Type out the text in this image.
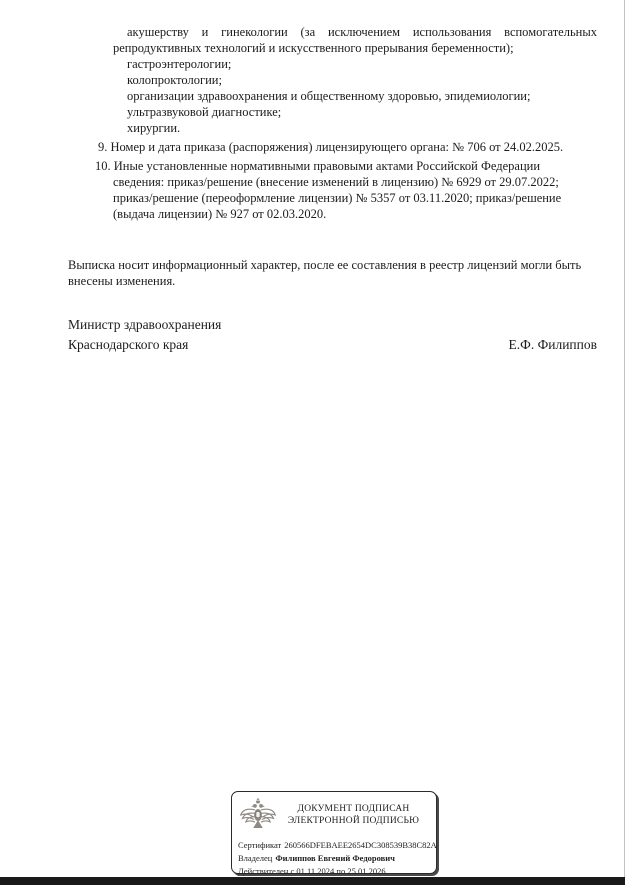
акушерству и гинекологии (за исключением использования вспомогательных
репродуктивных технологий и искусственного прерывания беременности);
гастроэнтерологии;
колопроктологии;
организации здравоохранения и общественному здоровью, эпидемиологии;
ультразвуковой диагностике;
хирургии.
9. Номер и дата приказа (распоряжения) лицензирующего органа: № 706 от 24.02.2025.
10. Иные установленные нормативными правовыми актами Российской Федерации
сведения: приказ/решение (внесение изменений в лицензию) № 6929 от 29.07.2022;
приказ/решение (переоформление лицензии) № 5357 от 03.11.2020; приказ/решение
(выдача лицензии) № 927 от 02.03.2020.
Выписка носит информационный характер, после ее составления в реестр лицензий могли быть
внесены изменения.
Министр здравоохранения
Краснодарского края	Е.Ф. Филиппов
ДОКУМЕНТ ПОДПИСАН
ЭЛЕКТРОННОЙ ПОДПИСЬЮ
Сертификат 260566DFEBAEE2654DC308539B38C82A
Владелец Филиппов Евгений Федорович
Действителен с 01.11.2024 по 25.01.2026
